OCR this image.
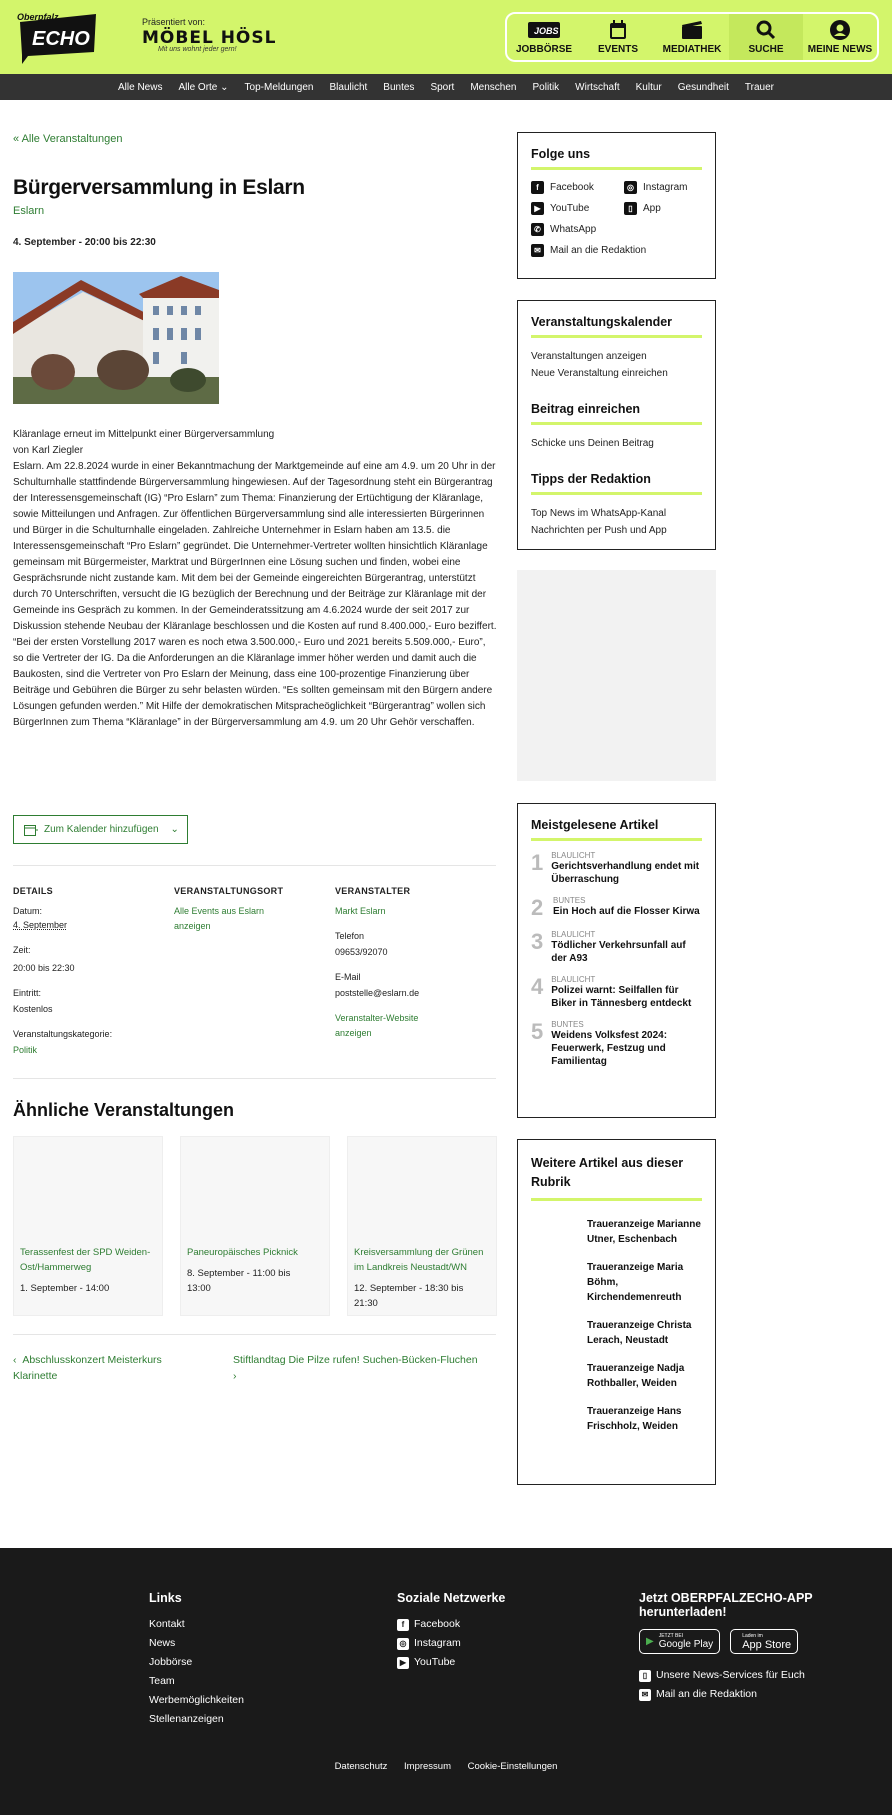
Oberpfalz
ECHO
Präsentiert von:
MÖBEL HÖSL
Mit uns wohnt jeder gern!
JOBS
JOBBÖRSE	EVENTS MEDIATHEK	SUCHE MEINE NEWS
Alle News	Alle Orte ⌄	Top-Meldungen	Blaulicht	Buntes	Sport	Menschen	Politik	Wirtschaft	Kultur	Gesundheit	Trauer
« Alle Veranstaltungen
Bürgerversammlung in Eslarn
Eslarn
4. September - 20:00 bis 22:30

Kläranlage erneut im Mittelpunkt einer Bürgerversammlung

von Karl Ziegler

Eslarn. Am 22.8.2024 wurde in einer Bekanntmachung der Marktgemeinde auf eine am 4.9. um 20 Uhr in der Schulturnhalle stattfindende Bürgerversammlung hingewiesen. Auf der Tagesordnung steht ein Bürgerantrag der Interessensgemeinschaft (IG) “Pro Eslarn” zum Thema: Finanzierung der Ertüchtigung der Kläranlage, sowie Mitteilungen und Anfragen. Zur öffentlichen Bürgerversammlung sind alle interessierten Bürgerinnen und Bürger in die Schulturnhalle eingeladen. Zahlreiche Unternehmer in Eslarn haben am 13.5. die Interessensgemeinschaft “Pro Eslarn” gegründet. Die Unternehmer-Vertreter wollten hinsichtlich Kläranlage gemeinsam mit Bürgermeister, Marktrat und BürgerInnen eine Lösung suchen und finden, wobei eine Gesprächsrunde nicht zustande kam. Mit dem bei der Gemeinde eingereichten Bürgerantrag, unterstützt durch 70 Unterschriften, versucht die IG bezüglich der Berechnung und der Beiträge zur Kläranlage mit der Gemeinde ins Gespräch zu kommen. In der Gemeinderatssitzung am 4.6.2024 wurde der seit 2017 zur Diskussion stehende Neubau der Kläranlage beschlossen und die Kosten auf rund 8.400.000,- Euro beziffert. “Bei der ersten Vorstellung 2017 waren es noch etwa 3.500.000,- Euro und 2021 bereits 5.509.000,- Euro”, so die Vertreter der IG. Da die Anforderungen an die Kläranlage immer höher werden und damit auch die Baukosten, sind die Vertreter von Pro Eslarn der Meinung, dass eine 100-prozentige Finanzierung über Beiträge und Gebühren die Bürger zu sehr belasten würden. “Es sollten gemeinsam mit den Bürgern andere Lösungen gefunden werden.” Mit Hilfe der demokratischen Mitspracheöglichkeit “Bürgerantrag” wollen sich BürgerInnen zum Thema “Kläranlage” in der Bürgerversammlung am 4.9. um 20 Uhr Gehör verschaffen.

Zum Kalender hinzufügen ⌄
DETAILS
Datum:
4. September
Zeit:
20:00 bis 22:30
Eintritt:
Kostenlos
Veranstaltungskategorie:
Politik
VERANSTALTUNGSORT
Alle Events aus Eslarn anzeigen
VERANSTALTER
Markt Eslarn
Telefon
09653/92070
E-Mail
poststelle@eslarn.de
Veranstalter-Website anzeigen
Ähnliche Veranstaltungen
Terassenfest der SPD Weiden-Ost/Hammerweg
1. September - 14:00
Paneuropäisches Picknick
8. September - 11:00 bis 13:00
Kreisversammlung der Grünen im Landkreis Neustadt/WN
12. September - 18:30 bis 21:30
‹ Abschlusskonzert Meisterkurs Klarinette
Stiftlandtag Die Pilze rufen! Suchen-Bücken-Fluchen
›
Folge uns
f	Facebook	◎ Instagram
▶ YouTube	▯	App
✆ WhatsApp
✉ Mail an die Redaktion
Veranstaltungskalender
Veranstaltungen anzeigen
Neue Veranstaltung einreichen
Beitrag einreichen
Schicke uns Deinen Beitrag
Tipps der Redaktion
Top News im WhatsApp-Kanal
Nachrichten per Push und App
Meistgelesene Artikel
1 BLAULICHT
Gerichtsverhandlung endet mit Überraschung
2 BUNTES
Ein Hoch auf die Flosser Kirwa
3 BLAULICHT
Tödlicher Verkehrsunfall auf der A93
4 BLAULICHT
Polizei warnt: Seilfallen für Biker in Tännesberg entdeckt
5 BUNTES
Weidens Volksfest 2024: Feuerwerk, Festzug und Familientag
Weitere Artikel aus dieser Rubrik
Traueranzeige Marianne Utner, Eschenbach
Traueranzeige Maria Böhm, Kirchendemenreuth
Traueranzeige Christa Lerach, Neustadt
Traueranzeige Nadja Rothballer, Weiden
Traueranzeige Hans Frischholz, Weiden
Links
Kontakt
News
Jobbörse
Team
Werbemöglichkeiten
Stellenanzeigen
Soziale Netzwerke
f Facebook
◎ Instagram
▶ YouTube
Jetzt OBERPFALZECHO-APP herunterladen!
▶ JETZT BEI
Google Play
Laden im
App Store
▯ Unsere News-Services für Euch
✉ Mail an die Redaktion
Datenschutz Impressum Cookie-Einstellungen
